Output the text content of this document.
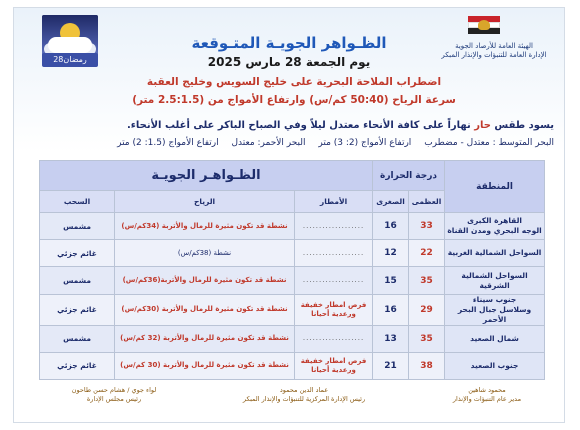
28رمضان
الهيئة العامة للأرصاد الجوية
الإدارة العامة للتنبؤات والإنذار المبكر
الظـواهر الجويـة المتـوقعة
يوم الجمعة 28 مارس 2025
اضطراب الملاحة البحرية على خليج السويس وخليج العقبة
سرعة الرياح (50:40 كم/س) وارتفاع الأمواج من (2.5:1.5 متر)
يسود طقس حار نهاراً على كافة الأنحاء معتدل ليلاً وفي الصباح الباكر على أغلب الأنحاء.
البحر المتوسط : معتدل - مضطرب ارتفاع الأمواج (2: 3) متر البحر الأحمر: معتدل ارتفاع الأمواج (1.5: 2) متر
المنطقة	درجة الحرارة		الظـواهـر الجويـة		
	العظمى	الصغرى	الأمطار	الرياح	السحب
القاهرة الكبرى
الوجه البحري ومدن القناة	33	16	...................	نشطة قد تكون مثيرة للرمال والأتربة (34كم/س)	مشمس
السواحل الشمالية الغربية	22	12	...................	نشطة (38كم/س)	غائم جزئي
السواحل الشمالية الشرقية	35	15	...................	نشطة قد تكون مثيرة للرمال والأتربة(36كم/س)	مشمس
جنوب سيناء
وسلاسل جبال البحر الأحمر	29	16	فرص امطار خفيفة
ورعدية أحيانا	نشطة قد تكون مثيرة للرمال والأتربة (30كم/س)	غائم جزئي
شمال الصعيد	35	13	...................	نشطة قد تكون مثيرة للرمال والأتربة (32 كم/س)	مشمس
جنوب الصعيد	38	21	فرص امطار خفيفة
ورعدية أحيانا	نشطة قد تكون مثيرة للرمال والأتربة (30 كم/س)	غائم جزئي
محمود شاهين
مدير عام التنبؤات والإنذار
عماد الدين محمود
رئيس الإدارة المركزية للتنبؤات والإنذار المبكر
لواء جوي / هشام حسن طاحون
رئيس مجلس الإدارة
